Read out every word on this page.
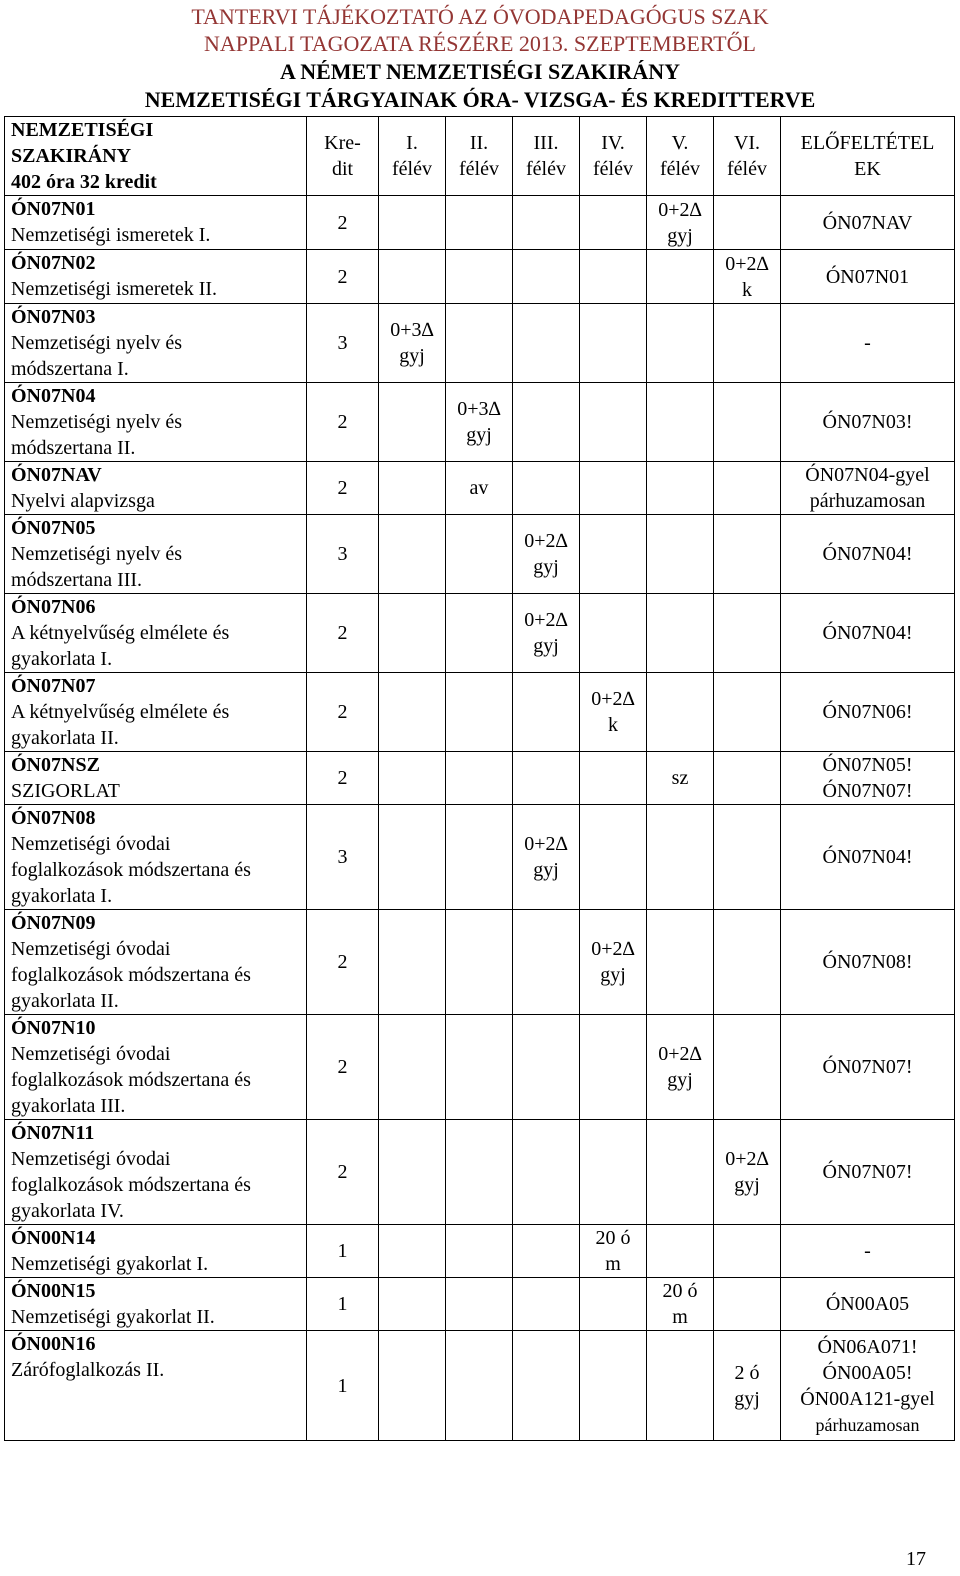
TANTERVI TÁJÉKOZTATÓ AZ ÓVODAPEDAGÓGUS SZAK
NAPPALI TAGOZATA RÉSZÉRE 2013. SZEPTEMBERTŐL
A NÉMET NEMZETISÉGI SZAKIRÁNY
NEMZETISÉGI TÁRGYAINAK ÓRA- VIZSGA- ÉS KREDITTERVE
NEMZETISÉGI
SZAKIRÁNY
402 óra 32 kredit	Kre-
dit	I.
félév	II.
félév	III.
félév	IV.
félév	V.
félév	VI.
félév	ELŐFELTÉTEL
EK

ÓN07N01
Nemzetiségi ismeretek I.	2					0+2∆
gyj		ÓN07NAV

ÓN07N02
Nemzetiségi ismeretek II.	2						0+2∆
k	ÓN07N01

ÓN07N03
Nemzetiségi nyelv és
módszertana I.	3	0+3∆
gyj						-

ÓN07N04
Nemzetiségi nyelv és
módszertana II.	2		0+3∆
gyj					ÓN07N03!

ÓN07NAV
Nyelvi alapvizsga	2		av					ÓN07N04-gyel
párhuzamosan

ÓN07N05
Nemzetiségi nyelv és
módszertana III.	3			0+2∆
gyj				ÓN07N04!

ÓN07N06
A kétnyelvűség elmélete és
gyakorlata I.	2			0+2∆
gyj				ÓN07N04!

ÓN07N07
A kétnyelvűség elmélete és
gyakorlata II.	2				0+2∆
k			ÓN07N06!

ÓN07NSZ
SZIGORLAT	2					sz		ÓN07N05!
ÓN07N07!

ÓN07N08
Nemzetiségi óvodai
foglalkozások módszertana és
gyakorlata I.	3			0+2∆
gyj				ÓN07N04!

ÓN07N09
Nemzetiségi óvodai
foglalkozások módszertana és
gyakorlata II.	2				0+2∆
gyj			ÓN07N08!

ÓN07N10
Nemzetiségi óvodai
foglalkozások módszertana és
gyakorlata III.	2					0+2∆
gyj		ÓN07N07!

ÓN07N11
Nemzetiségi óvodai
foglalkozások módszertana és
gyakorlata IV.	2						0+2∆
gyj	ÓN07N07!

ÓN00N14
Nemzetiségi gyakorlat I.	1				20 ó
m			-

ÓN00N15
Nemzetiségi gyakorlat II.	1					20 ó
m		ÓN00A05

ÓN00N16
Zárófoglalkozás II.	1						2 ó
gyj	ÓN06A071!
ÓN00A05!
ÓN00A121-gyel
párhuzamosan
17
